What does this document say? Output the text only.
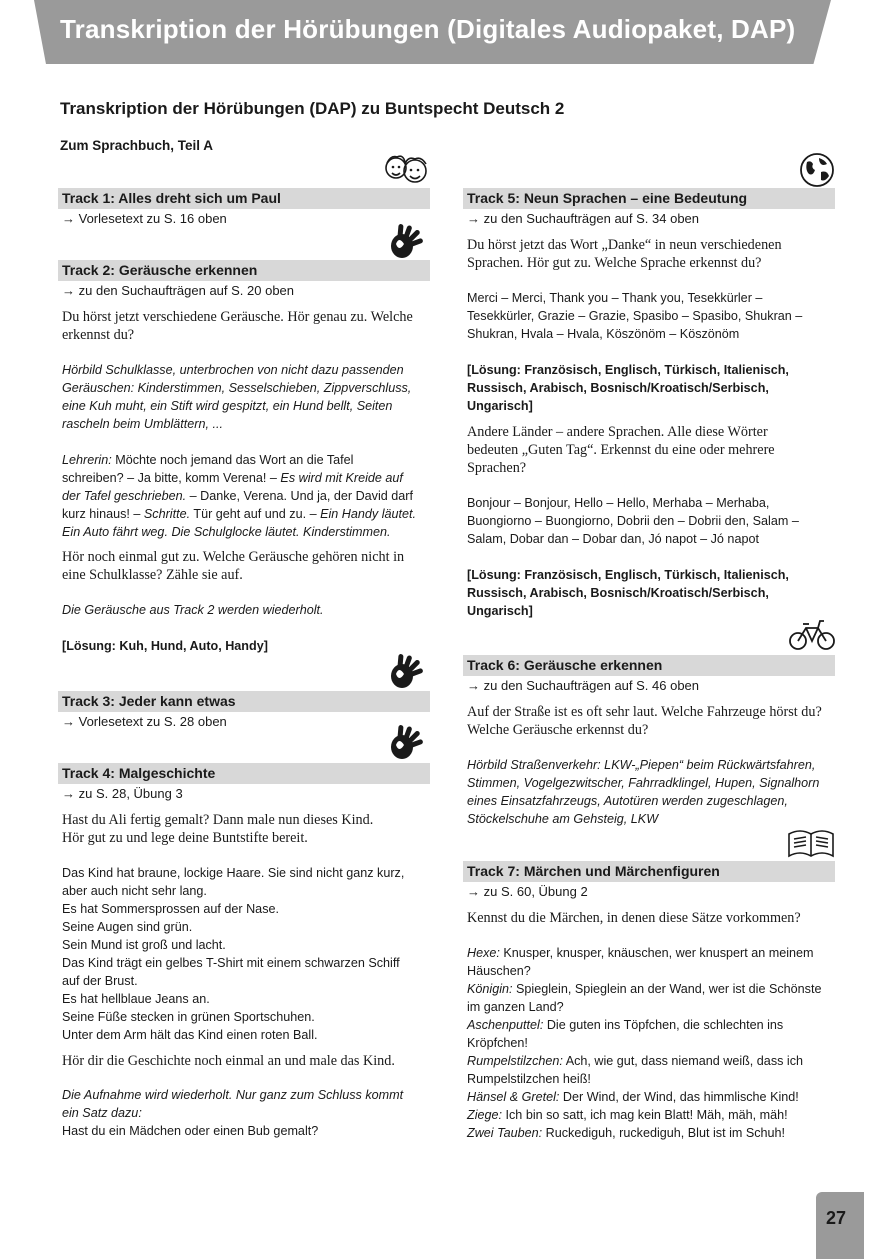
Transkription der Hörübungen (Digitales Audiopaket, DAP)
Transkription der Hörübungen (DAP) zu Buntspecht Deutsch 2
Zum Sprachbuch, Teil A
Track 1: Alles dreht sich um Paul
→ Vorlesetext zu S. 16 oben
Track 2: Geräusche erkennen
→ zu den Suchaufträgen auf S. 20 oben

Du hörst jetzt verschiedene Geräusche. Hör genau zu. Welche

erkennst du?

Hörbild Schulklasse, unterbrochen von nicht dazu passenden

Geräuschen: Kinderstimmen, Sesselschieben, Zippverschluss,

eine Kuh muht, ein Stift wird gespitzt, ein Hund bellt, Seiten

rascheln beim Umblättern, ...

Lehrerin: Möchte noch jemand das Wort an die Tafel

schreiben? – Ja bitte, komm Verena! – Es wird mit Kreide auf

der Tafel geschrieben. – Danke, Verena. Und ja, der David darf

kurz hinaus! – Schritte. Tür geht auf und zu. – Ein Handy läutet.

Ein Auto fährt weg. Die Schulglocke läutet. Kinderstimmen.

Hör noch einmal gut zu. Welche Geräusche gehören nicht in

eine Schulklasse? Zähle sie auf.

Die Geräusche aus Track 2 werden wiederholt.

[Lösung: Kuh, Hund, Auto, Handy]

Track 3: Jeder kann etwas
→ Vorlesetext zu S. 28 oben
Track 4: Malgeschichte
→ zu S. 28, Übung 3

Hast du Ali fertig gemalt? Dann male nun dieses Kind.

Hör gut zu und lege deine Buntstifte bereit.

Das Kind hat braune, lockige Haare. Sie sind nicht ganz kurz,

aber auch nicht sehr lang.

Es hat Sommersprossen auf der Nase.

Seine Augen sind grün.

Sein Mund ist groß und lacht.

Das Kind trägt ein gelbes T-Shirt mit einem schwarzen Schiff

auf der Brust.

Es hat hellblaue Jeans an.

Seine Füße stecken in grünen Sportschuhen.

Unter dem Arm hält das Kind einen roten Ball.

Hör dir die Geschichte noch einmal an und male das Kind.

Die Aufnahme wird wiederholt. Nur ganz zum Schluss kommt

ein Satz dazu:

Hast du ein Mädchen oder einen Bub gemalt?

Track 5: Neun Sprachen – eine Bedeutung
→ zu den Suchaufträgen auf S. 34 oben

Du hörst jetzt das Wort „Danke“ in neun verschiedenen

Sprachen. Hör gut zu. Welche Sprache erkennst du?

Merci – Merci, Thank you – Thank you, Tesekkürler –

Tesekkürler, Grazie – Grazie, Spasibo – Spasibo, Shukran –

Shukran, Hvala – Hvala, Köszönöm – Köszönöm

[Lösung: Französisch, Englisch, Türkisch, Italienisch,

Russisch, Arabisch, Bosnisch/Kroatisch/Serbisch,

Ungarisch]

Andere Länder – andere Sprachen. Alle diese Wörter

bedeuten „Guten Tag“. Erkennst du eine oder mehrere

Sprachen?

Bonjour – Bonjour, Hello – Hello, Merhaba – Merhaba,

Buongiorno – Buongiorno, Dobrii den – Dobrii den, Salam –

Salam, Dobar dan – Dobar dan, Jó napot – Jó napot

[Lösung: Französisch, Englisch, Türkisch, Italienisch,

Russisch, Arabisch, Bosnisch/Kroatisch/Serbisch,

Ungarisch]

Track 6: Geräusche erkennen
→ zu den Suchaufträgen auf S. 46 oben

Auf der Straße ist es oft sehr laut. Welche Fahrzeuge hörst du?

Welche Geräusche erkennst du?

Hörbild Straßenverkehr: LKW-„Piepen“ beim Rückwärtsfahren,

Stimmen, Vogelgezwitscher, Fahrradklingel, Hupen, Signalhorn

eines Einsatzfahrzeugs, Autotüren werden zugeschlagen,

Stöckelschuhe am Gehsteig, LKW

Track 7: Märchen und Märchenfiguren
→ zu S. 60, Übung 2

Kennst du die Märchen, in denen diese Sätze vorkommen?

Hexe: Knusper, knusper, knäuschen, wer knuspert an meinem

Häuschen?

Königin: Spieglein, Spieglein an der Wand, wer ist die Schönste

im ganzen Land?

Aschenputtel: Die guten ins Töpfchen, die schlechten ins

Kröpfchen!

Rumpelstilzchen: Ach, wie gut, dass niemand weiß, dass ich

Rumpelstilzchen heiß!

Hänsel & Gretel: Der Wind, der Wind, das himmlische Kind!

Ziege: Ich bin so satt, ich mag kein Blatt! Mäh, mäh, mäh!

Zwei Tauben: Ruckediguh, ruckediguh, Blut ist im Schuh!

27
